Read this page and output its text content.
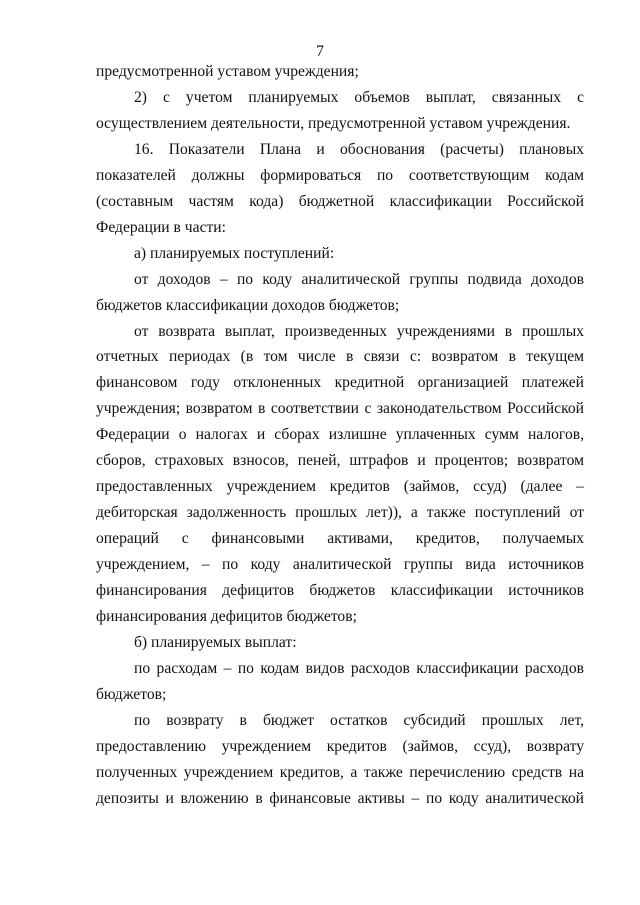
7

предусмотренной уставом учреждения;

2) с учетом планируемых объемов выплат, связанных с осуществлением деятельности, предусмотренной уставом учреждения.

16. Показатели Плана и обоснования (расчеты) плановых показателей должны формироваться по соответствующим кодам (составным частям кода) бюджетной классификации Российской Федерации в части:

а) планируемых поступлений:

от доходов – по коду аналитической группы подвида доходов бюджетов классификации доходов бюджетов;

от возврата выплат, произведенных учреждениями в прошлых отчетных периодах (в том числе в связи с: возвратом в текущем финансовом году отклоненных кредитной организацией платежей учреждения; возвратом в соответствии с законодательством Российской Федерации о налогах и сборах излишне уплаченных сумм налогов, сборов, страховых взносов, пеней, штрафов и процентов; возвратом предоставленных учреждением кредитов (займов, ссуд) (далее – дебиторская задолженность прошлых лет)), а также поступлений от операций с финансовыми активами, кредитов, получаемых учреждением, – по коду аналитической группы вида источников финансирования дефицитов бюджетов классификации источников финансирования дефицитов бюджетов;

б) планируемых выплат:

по расходам – по кодам видов расходов классификации расходов бюджетов;

по возврату в бюджет остатков субсидий прошлых лет, предоставлению учреждением кредитов (займов, ссуд), возврату полученных учреждением кредитов, а также перечислению средств на депозиты и вложению в финансовые активы – по коду аналитической
